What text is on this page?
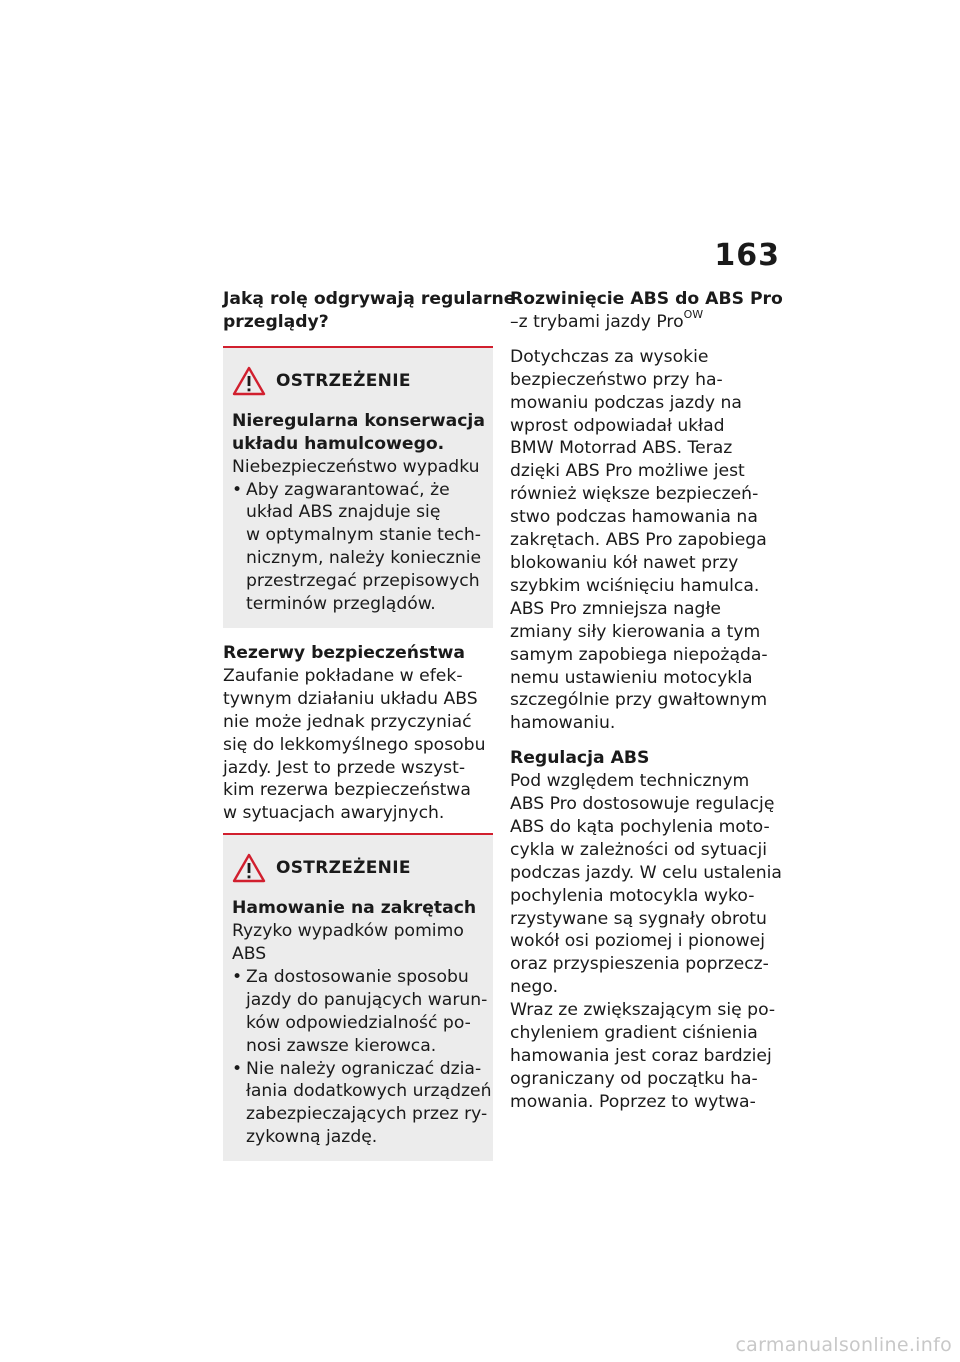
163
Jaką rolę odgrywają regularne
przeglądy?
OSTRZEŻENIE
Nieregularna konserwacja
układu hamulcowego.
Niebezpieczeństwo wypadku
• Aby zagwarantować, że
układ ABS znajduje się
w optymalnym stanie tech-
nicznym, należy koniecznie
przestrzegać przepisowych
terminów przeglądów.
Rezerwy bezpieczeństwa
Zaufanie pokładane w efek-
tywnym działaniu układu ABS
nie może jednak przyczyniać
się do lekkomyślnego sposobu
jazdy. Jest to przede wszyst-
kim rezerwa bezpieczeństwa
w sytuacjach awaryjnych.
OSTRZEŻENIE
Hamowanie na zakrętach
Ryzyko wypadków pomimo
ABS
• Za dostosowanie sposobu
jazdy do panujących warun-
ków odpowiedzialność po-
nosi zawsze kierowca.
• Nie należy ograniczać dzia-
łania dodatkowych urządzeń
zabezpieczających przez ry-
zykowną jazdę.
Rozwinięcie ABS do ABS Pro
–z trybami jazdy Pro$^{OW}$
Dotychczas za wysokie
bezpieczeństwo przy ha-
mowaniu podczas jazdy na
wprost odpowiadał układ
BMW Motorrad ABS. Teraz
dzięki ABS Pro możliwe jest
również większe bezpieczeń-
stwo podczas hamowania na
zakrętach. ABS Pro zapobiega
blokowaniu kół nawet przy
szybkim wciśnięciu hamulca.
ABS Pro zmniejsza nagłe
zmiany siły kierowania a tym
samym zapobiega niepożąda-
nemu ustawieniu motocykla
szczególnie przy gwałtownym
hamowaniu.
Regulacja ABS
Pod względem technicznym
ABS Pro dostosowuje regulację
ABS do kąta pochylenia moto-
cykla w zależności od sytuacji
podczas jazdy. W celu ustalenia
pochylenia motocykla wyko-
rzystywane są sygnały obrotu
wokół osi poziomej i pionowej
oraz przyspieszenia poprzecz-
nego.
Wraz ze zwiększającym się po-
chyleniem gradient ciśnienia
hamowania jest coraz bardziej
ograniczany od początku ha-
mowania. Poprzez to wytwa-
carmanualsonline.info
